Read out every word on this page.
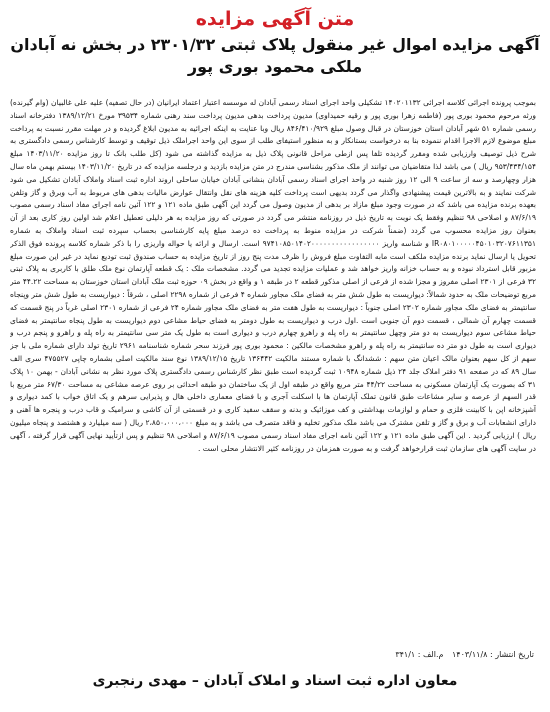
متن آگهی مزایده
آگهی مزایده اموال غیر منقول پلاک ثبتی ۲۳۰۱/۳۲ در بخش نه آبادان
ملکی محمود بوری پور
بموجب پرونده اجرائی کلاسه اجرائی ۱۴۰۲۰۱۱۳۲ تشکیلی واحد اجرای اسناد رسمی آبادان له موسسه اعتبار اعتماد ایرانیان (در حال تصفیه) علیه علی غالبیان (وام گیرنده) ورثه مرحوم محمود بوری پور (فاطمه زهرا بوری پور و رقیه حمیداوی) مدیون پرداخت بدهی مدیون پرداخت سند رهنی شماره ۳۹۵۳۴ مورخ ۱۳۸۹/۱۲/۲۱ دفترخانه اسناد رسمی شماره ۵۱ شهر آبادان استان خوزستان در قبال وصول مبلغ ۸۴۶/۴۱۰/۹۲۹ ریال وبا عنایت به اینکه اجرائیه به مدیون ابلاغ گردیده و در مهلت مقرر نسبت به پرداخت مبلغ موضوع لازم الاجرا اقدام ننموده بنا به درخواست بستانکار و به منظور استیفای طلب از سوی این واحد اجراملک ذیل توقیف و توسط کارشناس رسمی دادگستری به شرح ذیل توصیف وارزیابی شده ومقرر گردیده تلفا پس ازطی مراحل قانونی پلاک ذیل به مزایده گذاشته می شود (کل طلب بانک تا روز مزایده ۱۴۰۳/۱۱/۲۰ مبلغ ۹۵۳/۴۳۴/۱۵۴ ریال ) می باشد لذا متقاضیان می توانند از ملک مذکور بشناسی مندرج در متن مزایده بازدید و درجلسه مزایده که در تاریخ ۱۴۰۳/۱۱/۲۰ بیستم بهمن ماه سال هزار وچهارصد و سه از ساعت ۹ الی ۱۲ روز شنبه در واحد اجرای اسناد رسمی آبادان بنشانی آبادان خیابان ساحلی اروند اداره ثبت اسناد واملاک آبادان تشکیل می شود شرکت نمایند و به بالاترین قیمت پیشنهادی واگذار می گردد بدیهی است پرداخت کلیه هزینه های نقل وانتقال عوارض مالیات بدهی های مربوط به آب وبرق و گاز وتلفن بعهده برنده مزایده می باشد که در صورت وجود مبلغ مازاد بر بدهی از مدیون وصول می گردد این آگهی طبق ماده ۱۲۱ و ۱۲۲ آئین نامه اجرای مفاد اسناد رسمی مصوب ۸۷/۶/۱۹ و اصلاحی ۹۸ تنظیم وفقط یک نوبت به تاریخ ذیل در روزنامه منتشر می گردد در صورتی که روز مزایده به هر دلیلی تعطیل اعلام شد اولین روز کاری بعد از آن بعنوان روز مزایده محسوب می گردد (ضمناً شرکت در مزایده منوط به پرداخت ده درصد مبلغ پایه کارشناسی بحساب سپرده ثبت اسناد واملاک به شماره IR۰۸۰۱۰۰۰۰۰۴۵۰۱۰۳۲۰۷۶۱۱۳۵۱ و شناسه واریز ۹۷۴۱۰۸۵۰۱۴۰۲۰۰۰۰۰۰۰۰۰۰۰۰۰۰۰۰۰ است. ارسال و ارائه یا حواله واریزی را با ذکر شماره کلاسه پرونده فوق الذکر تحویل یا ارسال نماید برنده مزایده ملکف است مابه التفاوت مبلغ فروش را ظرف مدت پنج روز از تاریخ مزایده به حساب صندوق ثبت تودیع نماید در غیر این صورت مبلغ مزبور قابل استرداد نبوده و به حساب خزانه واریز خواهد شد و عملیات مزایده تجدید می گردد. مشخصات ملک : یک قطعه آپارتمان نوع ملک طلق با کاربری به پلاک ثبتی ۳۲ فرعی از ۲۳۰۱ اصلی مفروز و مجزا شده از فرعی از اصلی مذکور قطعه ۲ در طبقه ۱ و واقع در بخش ۰۹ حوزه ثبت ملک آبادان استان خوزستان به مساحت ۴۴.۲۲ متر مربع توضیحات ملک به حدود شمالاً: دیواریست به طول شش متر به فضای ملک مجاور شماره ۴ فرعی از شماره ۲۲۹۸ اصلی ، شرقاً : دیواریست به طول شش متر وپنجاه سانتیمتر به فضای ملک مجاور شماره ۲۳۰۲ اصلی جنوباً : دیواریست به طول هفت متر به فضای ملک مجاور شماره ۲۴ فرعی از شماره ۲۳۰۱ اصلی غرباً در پنج قسمت که قسمت چهارم آن شمالی ، قسمت دوم آن جنوبی است .اول درب و دیواریست به طول دومتر به فضای حیاط مشاعی دوم دیواریست به طول پنجاه سانتیمتر به فضای حیاط مشاعی سوم دیواریست به دو متر وچهل سانتیمتر به راه پله و راهرو چهارم درب و دیواری است به طول یک متر سی سانتیمتر به راه پله و راهرو و پنجم درب و دیواری است به طول دو متر ده سانتیمتر به راه پله و راهرو مشخصات مالکین : محمود بوری پور فرزند سحر شماره شناسنامه ۲۹۶۱ تاریخ تولد دارای شماره ملی با جز سهم از کل سهم بعنوان مالک اعیان متن سهم : ششدانگ با شماره مستند مالکیت ۱۳۶۴۴۲ تاریخ ۱۳۸۹/۱۲/۱۵ نوع سند مالکیت اصلی بشماره چاپی ۴۷۵۵۲۷ سری الف سال ۸۹ که در صفحه ۹۱ دفتر املاک جلد ۲۴ ذیل شماره ۱۰۹۴۸ ثبت گردیده است طبق نظر کارشناس رسمی دادگستری پلاک مورد نظر به نشانی آبادان - بهمن ۱۰ پلاک ۳۱ که بصورت یک آپارتمان مسکونی به مساحت ۴۴/۲۲ متر مربع واقع در طبقه اول از یک ساختمان دو طبقه احداثی بر روی عرصه مشاعی به مساحت ۶۷/۳۰ متر مربع با قدر السهم از عرصه و سایر مشاعات طبق قانون تملک آپارتمان ها با اسکلت آجری و با فضای معماری داخلی هال و پذیرایی سرهم و یک اتاق خواب با کمد دیواری و آشپزخانه اپن با کابینت فلزی و حمام و لوازمات بهداشتی و کف موزائیک و بدنه و سقف سفید کاری و در قسمتی از آن کاشی و سرامیک و قاب درب و پنجره ها آهنی و دارای انشعابات آب و برق و گاز و تلفن مشترک می باشد ملک مذکور تخلیه و فاقد متصرف می باشد و به مبلغ ۲،۸۵۰،۰۰۰،۰۰۰ ریال ( سه میلیارد و هشتصد و پنجاه میلیون ریال ) ارزیابی گردید . این آگهی طبق ماده ۱۲۱ و ۱۲۲ آئین نامه اجرای مفاد اسناد رسمی مصوب ۸۷/۶/۱۹ و اصلاحی ۹۸ تنظیم و پس ازتأیید نهایی آگهی قرار گرفته ، آگهی در سایت آگهی های سازمان ثبت قرارخواهد گرفت و به صورت همزمان در روزنامه کثیر الانتشار محلی است .
تاریخ انتشار : ۱۴۰۳/۱۱/۸ م.الف : ۳۴۱/۱
معاون اداره ثبت اسناد و املاک آبادان – مهدی رنجبری
